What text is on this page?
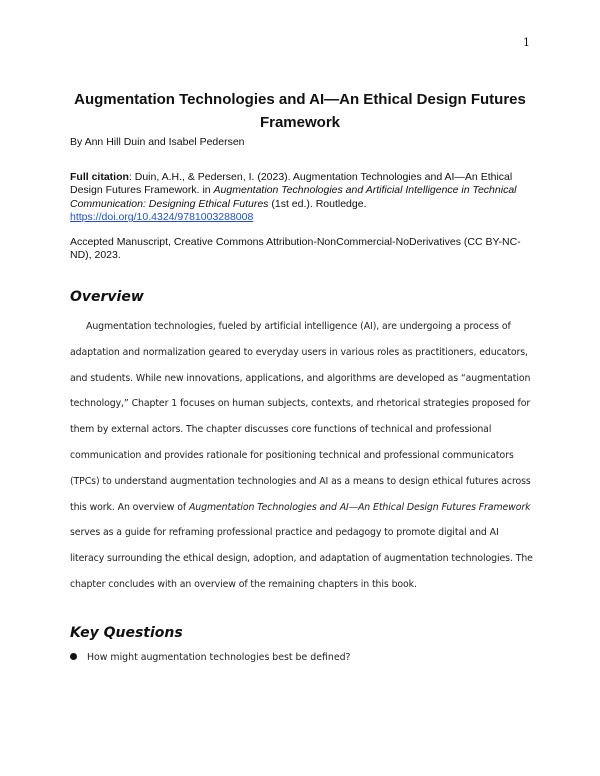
1
Augmentation Technologies and AI—An Ethical Design Futures Framework
By Ann Hill Duin and Isabel Pedersen
Full citation: Duin, A.H., & Pedersen, I. (2023). Augmentation Technologies and AI—An Ethical Design Futures Framework. in Augmentation Technologies and Artificial Intelligence in Technical Communication: Designing Ethical Futures (1st ed.). Routledge.
https://doi.org/10.4324/9781003288008
Accepted Manuscript, Creative Commons Attribution-NonCommercial-NoDerivatives (CC BY-NC-ND), 2023.
Overview
Augmentation technologies, fueled by artificial intelligence (AI), are undergoing a process of adaptation and normalization geared to everyday users in various roles as practitioners, educators, and students. While new innovations, applications, and algorithms are developed as “augmentation technology,” Chapter 1 focuses on human subjects, contexts, and rhetorical strategies proposed for them by external actors. The chapter discusses core functions of technical and professional communication and provides rationale for positioning technical and professional communicators (TPCs) to understand augmentation technologies and AI as a means to design ethical futures across this work. An overview of Augmentation Technologies and AI—An Ethical Design Futures Framework serves as a guide for reframing professional practice and pedagogy to promote digital and AI literacy surrounding the ethical design, adoption, and adaptation of augmentation technologies. The chapter concludes with an overview of the remaining chapters in this book.
Key Questions
How might augmentation technologies best be defined?
